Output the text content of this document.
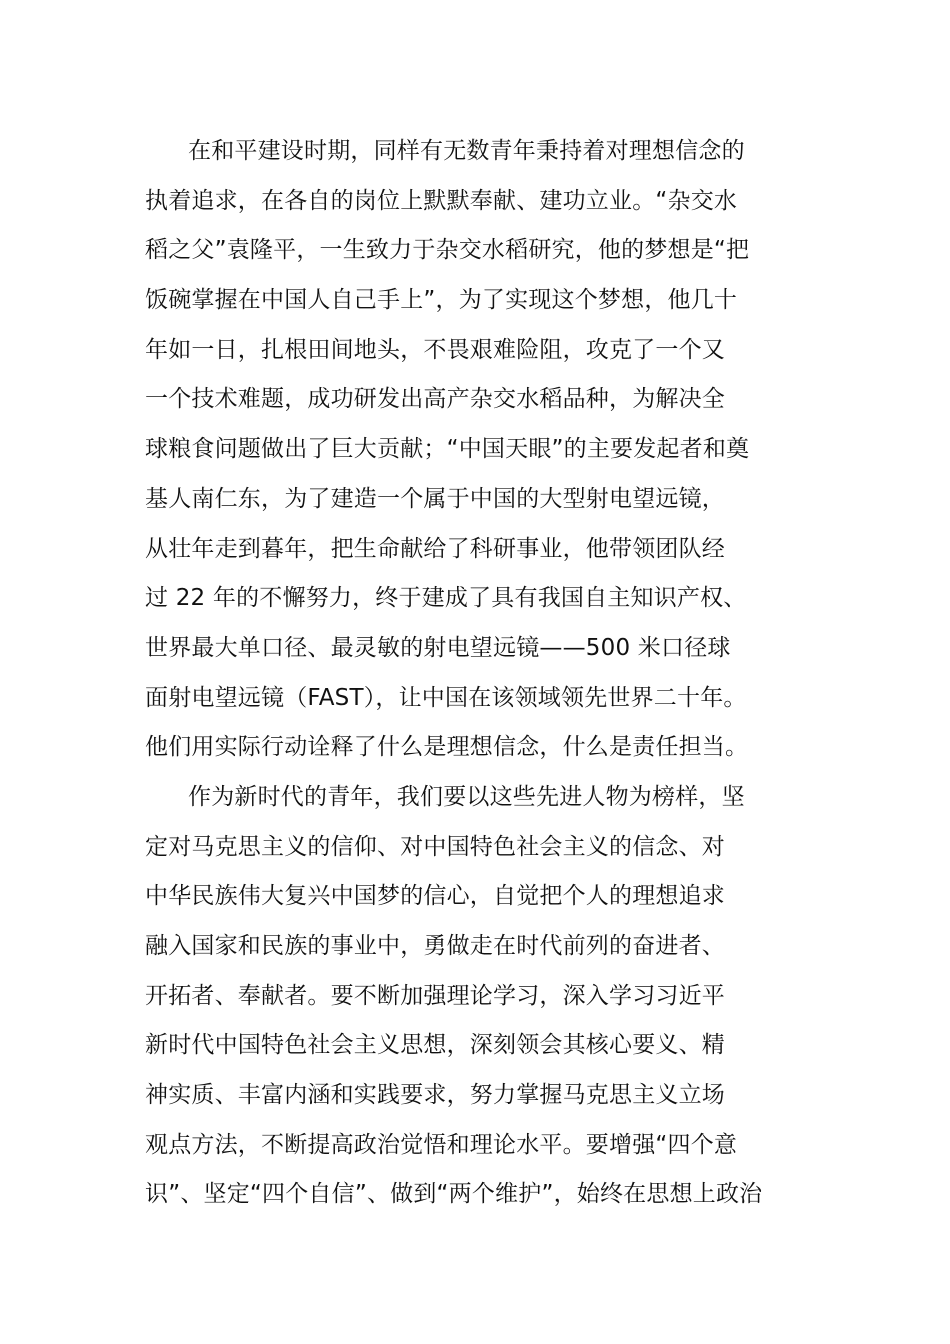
在和平建设时期，同样有无数青年秉持着对理想信念的
执着追求，在各自的岗位上默默奉献、建功立业。“杂交水
稻之父”袁隆平，一生致力于杂交水稻研究，他的梦想是“把
饭碗掌握在中国人自己手上”，为了实现这个梦想，他几十
年如一日，扎根田间地头，不畏艰难险阻，攻克了一个又
一个技术难题，成功研发出高产杂交水稻品种，为解决全
球粮食问题做出了巨大贡献；“中国天眼”的主要发起者和奠
基人南仁东，为了建造一个属于中国的大型射电望远镜，
从壮年走到暮年，把生命献给了科研事业，他带领团队经
过 22 年的不懈努力，终于建成了具有我国自主知识产权、
世界最大单口径、最灵敏的射电望远镜——500 米口径球
面射电望远镜（FAST），让中国在该领域领先世界二十年。
他们用实际行动诠释了什么是理想信念，什么是责任担当。
作为新时代的青年，我们要以这些先进人物为榜样，坚
定对马克思主义的信仰、对中国特色社会主义的信念、对
中华民族伟大复兴中国梦的信心，自觉把个人的理想追求
融入国家和民族的事业中，勇做走在时代前列的奋进者、
开拓者、奉献者。要不断加强理论学习，深入学习习近平
新时代中国特色社会主义思想，深刻领会其核心要义、精
神实质、丰富内涵和实践要求，努力掌握马克思主义立场
观点方法，不断提高政治觉悟和理论水平。要增强“四个意
识”、坚定“四个自信”、做到“两个维护”，始终在思想上政治
